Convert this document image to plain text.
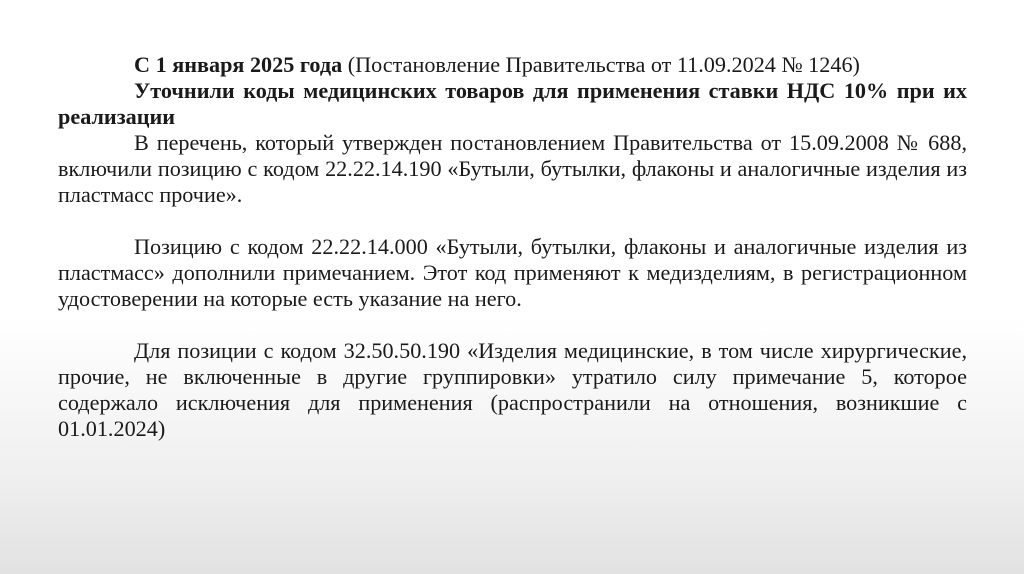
С 1 января 2025 года (Постановление Правительства от 11.09.2024 № 1246)

Уточнили коды медицинских товаров для применения ставки НДС 10% при их реализации

В перечень, который утвержден постановлением Правительства от 15.09.2008 № 688, включили позицию с кодом 22.22.14.190 «Бутыли, бутылки, флаконы и аналогичные изделия из пластмасс прочие».

Позицию с кодом 22.22.14.000 «Бутыли, бутылки, флаконы и аналогичные изделия из пластмасс» дополнили примечанием. Этот код применяют к медизделиям, в регистрационном удостоверении на которые есть указание на него.

Для позиции с кодом 32.50.50.190 «Изделия медицинские, в том числе хирургические, прочие, не включенные в другие группировки» утратило силу примечание 5, которое содержало исключения для применения (распространили на отношения, возникшие с 01.01.2024)
